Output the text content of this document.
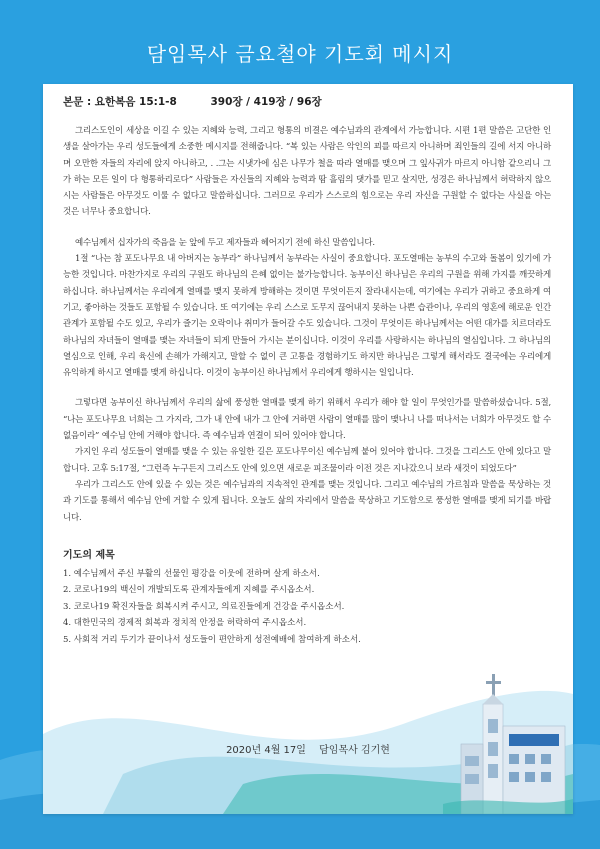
담임목사 금요철야 기도회 메시지

본문 : 요한복음 15:1-8	390장 / 419장 / 96장

그리스도인이 세상을 이길 수 있는 지혜와 능력, 그리고 형통의 비결은 예수님과의 관계에서 가능합니다. 시편 1편 말씀은 고단한 인생을 살아가는 우리 성도들에게 소중한 메시지를 전해줍니다. “복 있는 사람은 악인의 꾀를 따르지 아니하며 죄인들의 길에 서지 아니하며 오만한 자들의 자리에 앉지 아니하고, . .그는 시냇가에 심은 나무가 철을 따라 열매를 맺으며 그 잎사귀가 마르지 아니함 같으리니 그가 하는 모든 일이 다 형통하리로다” 사람들은 자신들의 지혜와 능력과 땀 흘림의 댓가를 믿고 살지만, 성경은 하나님께서 허락하지 않으시는 사람들은 아무것도 이룰 수 없다고 말씀하십니다. 그러므로 우리가 스스로의 힘으로는 우리 자신을 구원할 수 없다는 사실을 아는 것은 너무나 중요합니다.

예수님께서 십자가의 죽음을 눈 앞에 두고 제자들과 헤어지기 전에 하신 말씀입니다.

1절 “나는 참 포도나무요 내 아버지는 농부라” 하나님께서 농부라는 사실이 중요합니다. 포도열매는 농부의 수고와 돌봄이 있기에 가능한 것입니다. 마찬가지로 우리의 구원도 하나님의 은혜 없이는 불가능합니다. 농부이신 하나님은 우리의 구원을 위해 가지를 깨끗하게 하십니다. 하나님께서는 우리에게 열매를 맺지 못하게 방해하는 것이면 무엇이든지 잘라내시는데, 여기에는 우리가 귀하고 중요하게 여기고, 좋아하는 것들도 포함될 수 있습니다. 또 여기에는 우리 스스로 도무지 끊어내지 못하는 나쁜 습관이나, 우리의 영혼에 해로운 인간관계가 포함될 수도 있고, 우리가 즐기는 오락이나 취미가 들어갈 수도 있습니다. 그것이 무엇이든 하나님께서는 어떤 대가를 치르더라도 하나님의 자녀들이 열매를 맺는 자녀들이 되게 만들어 가시는 분이십니다. 이것이 우리를 사랑하시는 하나님의 열심입니다. 그 하나님의 열심으로 인해, 우리 육신에 손해가 가해지고, 말할 수 없이 큰 고통을 경험하기도 하지만 하나님은 그렇게 해서라도 결국에는 우리에게 유익하게 하시고 열매를 맺게 하십니다. 이것이 농부이신 하나님께서 우리에게 행하시는 일입니다.

그렇다면 농부이신 하나님께서 우리의 삶에 풍성한 열매를 맺게 하기 위해서 우리가 해야 할 일이 무엇인가를 말씀하셨습니다. 5절, “나는 포도나무요 너희는 그 가지라, 그가 내 안에 내가 그 안에 거하면 사람이 열매를 많이 맺나니 나를 떠나서는 너희가 아무것도 할 수 없음이라” 예수님 안에 거해야 합니다. 즉 예수님과 연결이 되어 있어야 합니다.

가지인 우리 성도들이 열매를 맺을 수 있는 유일한 길은 포도나무이신 예수님께 붙어 있어야 합니다. 그것을 그리스도 안에 있다고 말합니다. 고후 5:17절, “그런즉 누구든지 그리스도 안에 있으면 새로운 피조물이라 이전 것은 지나갔으니 보라 새것이 되었도다”

우리가 그리스도 안에 있을 수 있는 것은 예수님과의 지속적인 관계를 맺는 것입니다. 그리고 예수님의 가르침과 말씀을 묵상하는 것과 기도를 통해서 예수님 안에 거할 수 있게 됩니다. 오늘도 삶의 자리에서 말씀을 묵상하고 기도함으로 풍성한 열매를 맺게 되기를 바랍니다.

기도의 제목

1. 예수님께서 주신 부활의 선물인 평강을 이웃에 전하며 살게 하소서.

2. 코로나19의 백신이 개발되도록 관계자들에게 지혜를 주시옵소서.

3. 코로나19 확진자들을 회복시켜 주시고, 의료진들에게 건강을 주시옵소서.

4. 대한민국의 경제적 회복과 정치적 안정을 허락하여 주시옵소서.

5. 사회적 거리 두기가 끝이나서 성도들이 편안하게 성전예배에 참여하게 하소서.

2020년 4월 17일 담임목사 김기현
